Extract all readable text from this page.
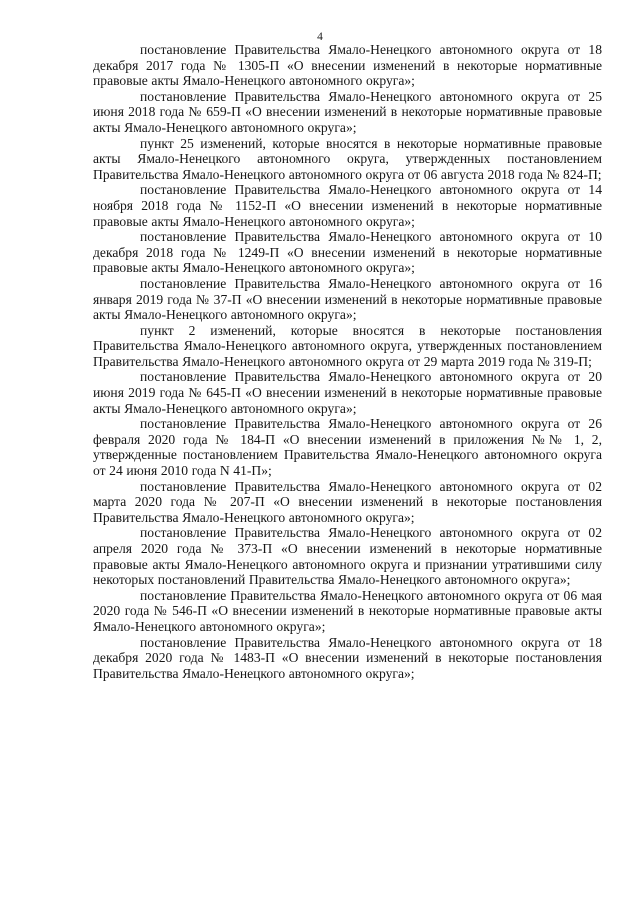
4

постановление Правительства Ямало-Ненецкого автономного округа от 18 декабря 2017 года № 1305-П «О внесении изменений в некоторые нормативные правовые акты Ямало-Ненецкого автономного округа»;

постановление Правительства Ямало-Ненецкого автономного округа от 25 июня 2018 года № 659-П «О внесении изменений в некоторые нормативные правовые акты Ямало-Ненецкого автономного округа»;

пункт 25 изменений, которые вносятся в некоторые нормативные правовые акты Ямало-Ненецкого автономного округа, утвержденных постановлением Правительства Ямало-Ненецкого автономного округа от 06 августа 2018 года № 824-П;

постановление Правительства Ямало-Ненецкого автономного округа от 14 ноября 2018 года № 1152-П «О внесении изменений в некоторые нормативные правовые акты Ямало-Ненецкого автономного округа»;

постановление Правительства Ямало-Ненецкого автономного округа от 10 декабря 2018 года № 1249-П «О внесении изменений в некоторые нормативные правовые акты Ямало-Ненецкого автономного округа»;

постановление Правительства Ямало-Ненецкого автономного округа от 16 января 2019 года № 37-П «О внесении изменений в некоторые нормативные правовые акты Ямало-Ненецкого автономного округа»;

пункт 2 изменений, которые вносятся в некоторые постановления Правительства Ямало-Ненецкого автономного округа, утвержденных постановлением Правительства Ямало-Ненецкого автономного округа от 29 марта 2019 года № 319-П;

постановление Правительства Ямало-Ненецкого автономного округа от 20 июня 2019 года № 645-П «О внесении изменений в некоторые нормативные правовые акты Ямало-Ненецкого автономного округа»;

постановление Правительства Ямало-Ненецкого автономного округа от 26 февраля 2020 года № 184-П «О внесении изменений в приложения №№ 1, 2, утвержденные постановлением Правительства Ямало-Ненецкого автономного округа от 24 июня 2010 года N 41-П»;

постановление Правительства Ямало-Ненецкого автономного округа от 02 марта 2020 года № 207-П «О внесении изменений в некоторые постановления Правительства Ямало-Ненецкого автономного округа»;

постановление Правительства Ямало-Ненецкого автономного округа от 02 апреля 2020 года № 373-П «О внесении изменений в некоторые нормативные правовые акты Ямало-Ненецкого автономного округа и признании утратившими силу некоторых постановлений Правительства Ямало-Ненецкого автономного округа»;

постановление Правительства Ямало-Ненецкого автономного округа от 06 мая 2020 года № 546-П «О внесении изменений в некоторые нормативные правовые акты Ямало-Ненецкого автономного округа»;

постановление Правительства Ямало-Ненецкого автономного округа от 18 декабря 2020 года № 1483-П «О внесении изменений в некоторые постановления Правительства Ямало-Ненецкого автономного округа»;
